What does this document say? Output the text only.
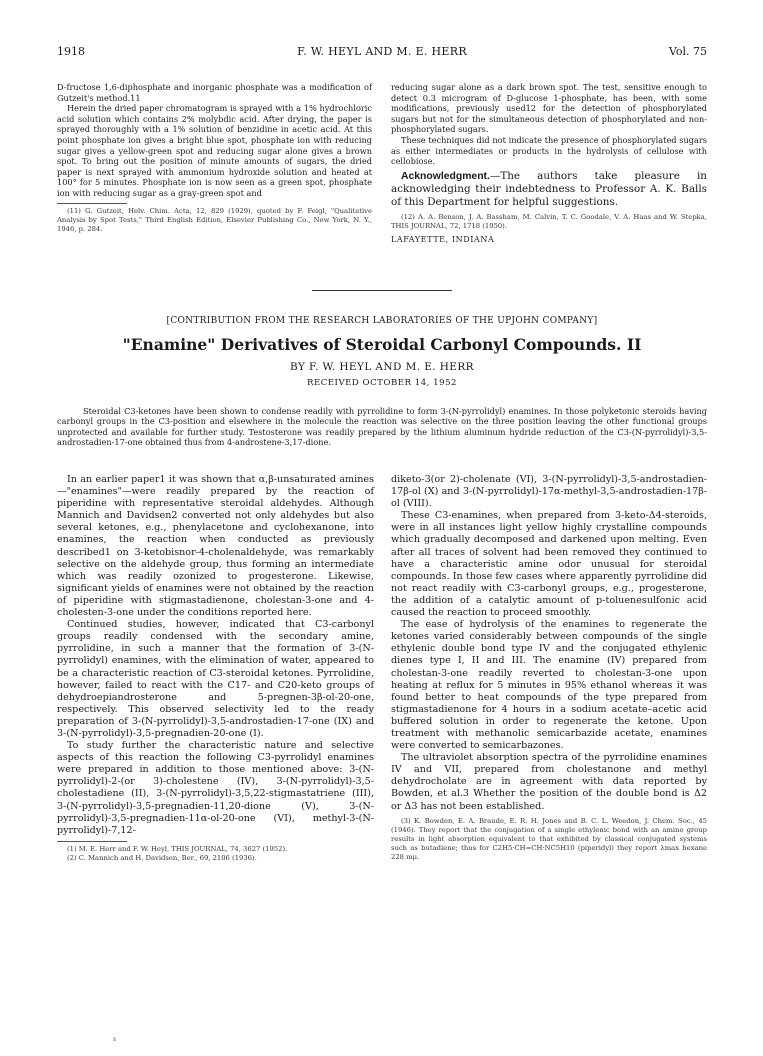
1918	F. W. HEYL AND M. E. HERR	Vol. 75

D-fructose 1,6-diphosphate and inorganic phosphate was a modification of Gutzeit's method.11

Herein the dried paper chromatogram is sprayed with a 1% hydrochloric acid solution which contains 2% molybdic acid. After drying, the paper is sprayed thoroughly with a 1% solution of benzidine in acetic acid. At this point phosphate ion gives a bright blue spot, phosphate ion with reducing sugar gives a yellow-green spot and reducing sugar alone gives a brown spot. To bring out the position of minute amounts of sugars, the dried paper is next sprayed with ammonium hydroxide solution and heated at 100° for 5 minutes. Phosphate ion is now seen as a green spot, phosphate ion with reducing sugar as a gray-green spot and

(11) G. Gutzeit, Helv. Chim. Acta, 12, 829 (1929), quoted by F. Feigl, "Qualitative Analysis by Spot Tests," Third English Edition, Elsevier Publishing Co., New York, N. Y., 1946, p. 284.

reducing sugar alone as a dark brown spot. The test, sensitive enough to detect 0.3 microgram of D-glucose 1-phosphate, has been, with some modifications, previously used12 for the detection of phosphorylated sugars but not for the simultaneous detection of phosphorylated and non-phosphorylated sugars.

These techniques did not indicate the presence of phosphorylated sugars as either intermediates or products in the hydrolysis of cellulose with cellobiose.

Acknowledgment.—The authors take pleasure in acknowledging their indebtedness to Professor A. K. Balls of this Department for helpful suggestions.

(12) A. A. Benson, J. A. Bassham, M. Calvin, T. C. Goodale, V. A. Haas and W. Stepka, THIS JOURNAL, 72, 1718 (1950).

LAFAYETTE, INDIANA

[CONTRIBUTION FROM THE RESEARCH LABORATORIES OF THE UPJOHN COMPANY]
"Enamine" Derivatives of Steroidal Carbonyl Compounds. II
BY F. W. HEYL AND M. E. HERR
RECEIVED OCTOBER 14, 1952
Steroidal C3-ketones have been shown to condense readily with pyrrolidine to form 3-(N-pyrrolidyl) enamines. In those polyketonic steroids having carbonyl groups in the C3-position and elsewhere in the molecule the reaction was selective on the three position leaving the other functional groups unprotected and available for further study. Testosterone was readily prepared by the lithium aluminum hydride reduction of the C3-(N-pyrrolidyl)-3,5-androstadien-17-one obtained thus from 4-androstene-3,17-dione.

In an earlier paper1 it was shown that α,β-unsaturated amines—"enamines"—were readily prepared by the reaction of piperidine with representative steroidal aldehydes. Although Mannich and Davidsen2 converted not only aldehydes but also several ketones, e.g., phenylacetone and cyclohexanone, into enamines, the reaction when conducted as previously described1 on 3-ketobisnor-4-cholenaldehyde, was remarkably selective on the aldehyde group, thus forming an intermediate which was readily ozonized to progesterone. Likewise, significant yields of enamines were not obtained by the reaction of piperidine with stigmastadienone, cholestan-3-one and 4-cholesten-3-one under the conditions reported here.

Continued studies, however, indicated that C3-carbonyl groups readily condensed with the secondary amine, pyrrolidine, in such a manner that the formation of 3-(N-pyrrolidyl) enamines, with the elimination of water, appeared to be a characteristic reaction of C3-steroidal ketones. Pyrrolidine, however, failed to react with the C17- and C20-keto groups of dehydroepiandrosterone and 5-pregnen-3β-ol-20-one, respectively. This observed selectivity led to the ready preparation of 3-(N-pyrrolidyl)-3,5-androstadien-17-one (IX) and 3-(N-pyrrolidyl)-3,5-pregnadien-20-one (I).

To study further the characteristic nature and selective aspects of this reaction the following C3-pyrrolidyl enamines were prepared in addition to those mentioned above: 3-(N-pyrrolidyl)-2-(or 3)-cholestene (IV), 3-(N-pyrrolidyl)-3,5-cholestadiene (II), 3-(N-pyrrolidyl)-3,5,22-stigmastatriene (III), 3-(N-pyrrolidyl)-3,5-pregnadien-11,20-dione (V), 3-(N-pyrrolidyl)-3,5-pregnadien-11α-ol-20-one (VI), methyl-3-(N-pyrrolidyl)-7,12-

(1) M. E. Herr and F. W. Heyl, THIS JOURNAL, 74, 3627 (1952).

(2) C. Mannich and H. Davidsen, Ber., 69, 2106 (1936).

diketo-3(or 2)-cholenate (VI), 3-(N-pyrrolidyl)-3,5-androstadien-17β-ol (X) and 3-(N-pyrrolidyl)-17α-methyl-3,5-androstadien-17β-ol (VIII).

These C3-enamines, when prepared from 3-keto-Δ4-steroids, were in all instances light yellow highly crystalline compounds which gradually decomposed and darkened upon melting. Even after all traces of solvent had been removed they continued to have a characteristic amine odor unusual for steroidal compounds. In those few cases where apparently pyrrolidine did not react readily with C3-carbonyl groups, e.g., progesterone, the addition of a catalytic amount of p-toluenesulfonic acid caused the reaction to proceed smoothly.

The ease of hydrolysis of the enamines to regenerate the ketones varied considerably between compounds of the single ethylenic double bond type IV and the conjugated ethylenic dienes type I, II and III. The enamine (IV) prepared from cholestan-3-one readily reverted to cholestan-3-one upon heating at reflux for 5 minutes in 95% ethanol whereas it was found better to heat compounds of the type prepared from stigmastadienone for 4 hours in a sodium acetate–acetic acid buffered solution in order to regenerate the ketone. Upon treatment with methanolic semicarbazide acetate, enamines were converted to semicarbazones.

The ultraviolet absorption spectra of the pyrrolidine enamines IV and VII, prepared from cholestanone and methyl dehydrocholate are in agreement with data reported by Bowden, et al.3 Whether the position of the double bond is Δ2 or Δ3 has not been established.

(3) K. Bowden, E. A. Braude, E. R. H. Jones and B. C. L. Weedon, J. Chem. Soc., 45 (1946). They report that the conjugation of a single ethylenic bond with an amino group results in light absorption equivalent to that exhibited by classical conjugated systems such as butadiene; thus for C2H5·CH=CH·NC5H10 (piperidyl) they report λmax hexane 228 mμ.

s
